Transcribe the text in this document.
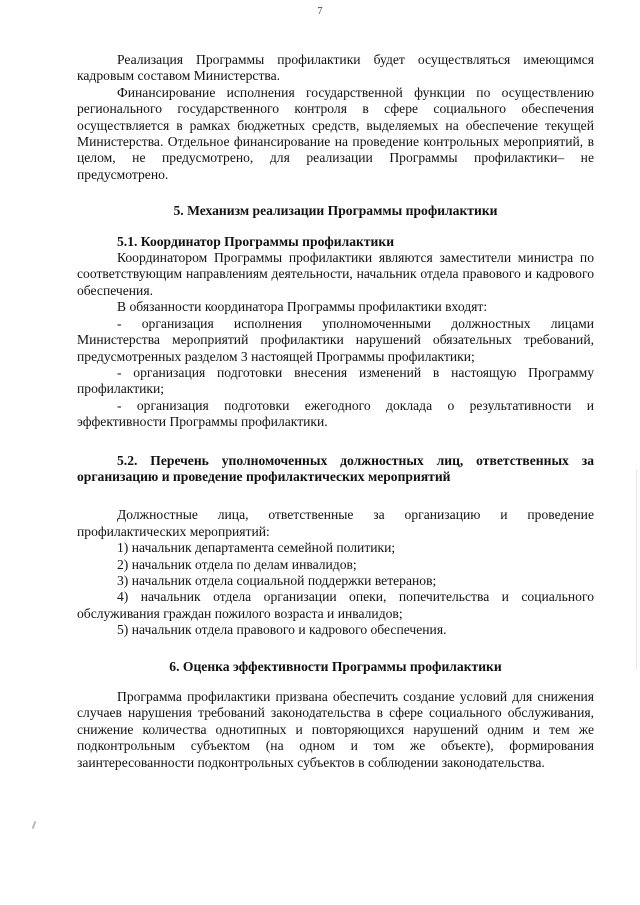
7

Реализация Программы профилактики будет осуществляться имеющимся кадровым составом Министерства.

Финансирование исполнения государственной функции по осуществлению регионального государственного контроля в сфере социального обеспечения осуществляется в рамках бюджетных средств, выделяемых на обеспечение текущей Министерства. Отдельное финансирование на проведение контрольных мероприятий, в целом, не предусмотрено, для реализации Программы профилактики– не предусмотрено.

5. Механизм реализации Программы профилактики

5.1. Координатор Программы профилактики

Координатором Программы профилактики являются заместители министра по соответствующим направлениям деятельности, начальник отдела правового и кадрового обеспечения.

В обязанности координатора Программы профилактики входят:

- организация исполнения уполномоченными должностных лицами Министерства мероприятий профилактики нарушений обязательных требований, предусмотренных разделом 3 настоящей Программы профилактики;

- организация подготовки внесения изменений в настоящую Программу профилактики;

- организация подготовки ежегодного доклада о результативности и эффективности Программы профилактики.

5.2. Перечень уполномоченных должностных лиц, ответственных за организацию и проведение профилактических мероприятий

Должностные лица, ответственные за организацию и проведение профилактических мероприятий:

1) начальник департамента семейной политики;

2) начальник отдела по делам инвалидов;

3) начальник отдела социальной поддержки ветеранов;

4) начальник отдела организации опеки, попечительства и социального обслуживания граждан пожилого возраста и инвалидов;

5) начальник отдела правового и кадрового обеспечения.

6. Оценка эффективности Программы профилактики

Программа профилактики призвана обеспечить создание условий для снижения случаев нарушения требований законодательства в сфере социального обслуживания, снижение количества однотипных и повторяющихся нарушений одним и тем же подконтрольным субъектом (на одном и том же объекте), формирования заинтересованности подконтрольных субъектов в соблюдении законодательства.
